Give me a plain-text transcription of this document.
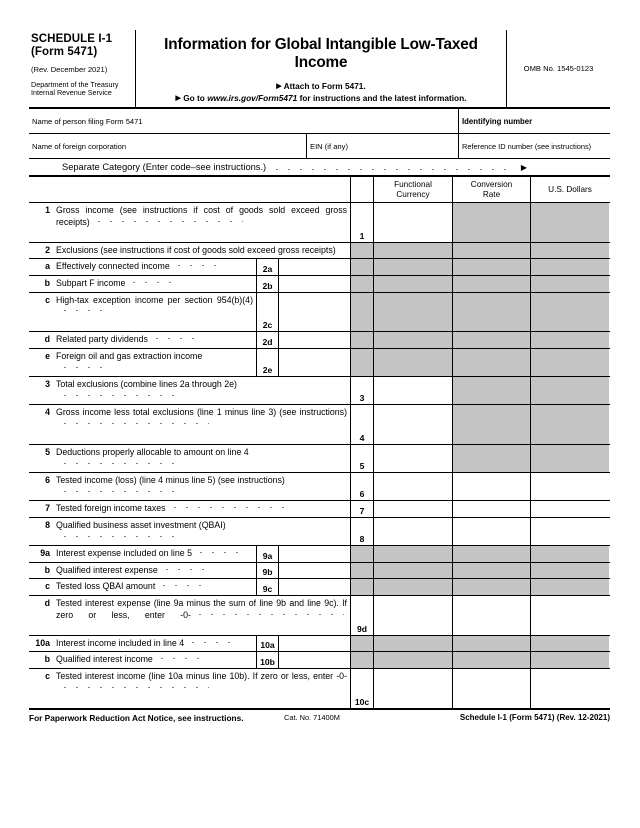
SCHEDULE I-1
(Form 5471)
(Rev. December 2021)
Department of the Treasury
Internal Revenue Service
Information for Global Intangible Low-Taxed Income
▶ Attach to Form 5471.
▶ Go to www.irs.gov/Form5471 for instructions and the latest information.
OMB No. 1545-0123
Name of person filing Form 5471	Identifying number
Name of foreign corporation	EIN (if any)	Reference ID number (see instructions)
Separate Category (Enter code–see instructions.)	▶
Functional
Currency
Conversion
Rate
U.S. Dollars
1 Gross income (see instructions if cost of goods sold exceed gross receipts)
1
2 Exclusions (see instructions if cost of goods sold exceed gross receipts)
a Effectively connected income	2a
b Subpart F income	2b
c High-tax exception income per section 954(b)(4)
2c
d Related party dividends	2d
e Foreign oil and gas extraction income
2e
3 Total exclusions (combine lines 2a through 2e)
3
4 Gross income less total exclusions (line 1 minus line 3) (see instructions)
4
5 Deductions properly allocable to amount on line 4
5
6 Tested income (loss) (line 4 minus line 5) (see instructions)
6
7 Tested foreign income taxes	7
8 Qualified business asset investment (QBAI)
8
9a Interest expense included on line 5	9a
b Qualified interest expense	9b
c Tested loss QBAI amount	9c
d Tested interest expense (line 9a minus the sum of line 9b and line 9c). If zero or less, enter -0-
9d
10a Interest income included in line 4	10a
b Qualified interest income	10b
c Tested interest income (line 10a minus line 10b). If zero or less, enter -0-
10c
For Paperwork Reduction Act Notice, see instructions.	Cat. No. 71400M	Schedule I-1 (Form 5471) (Rev. 12-2021)
